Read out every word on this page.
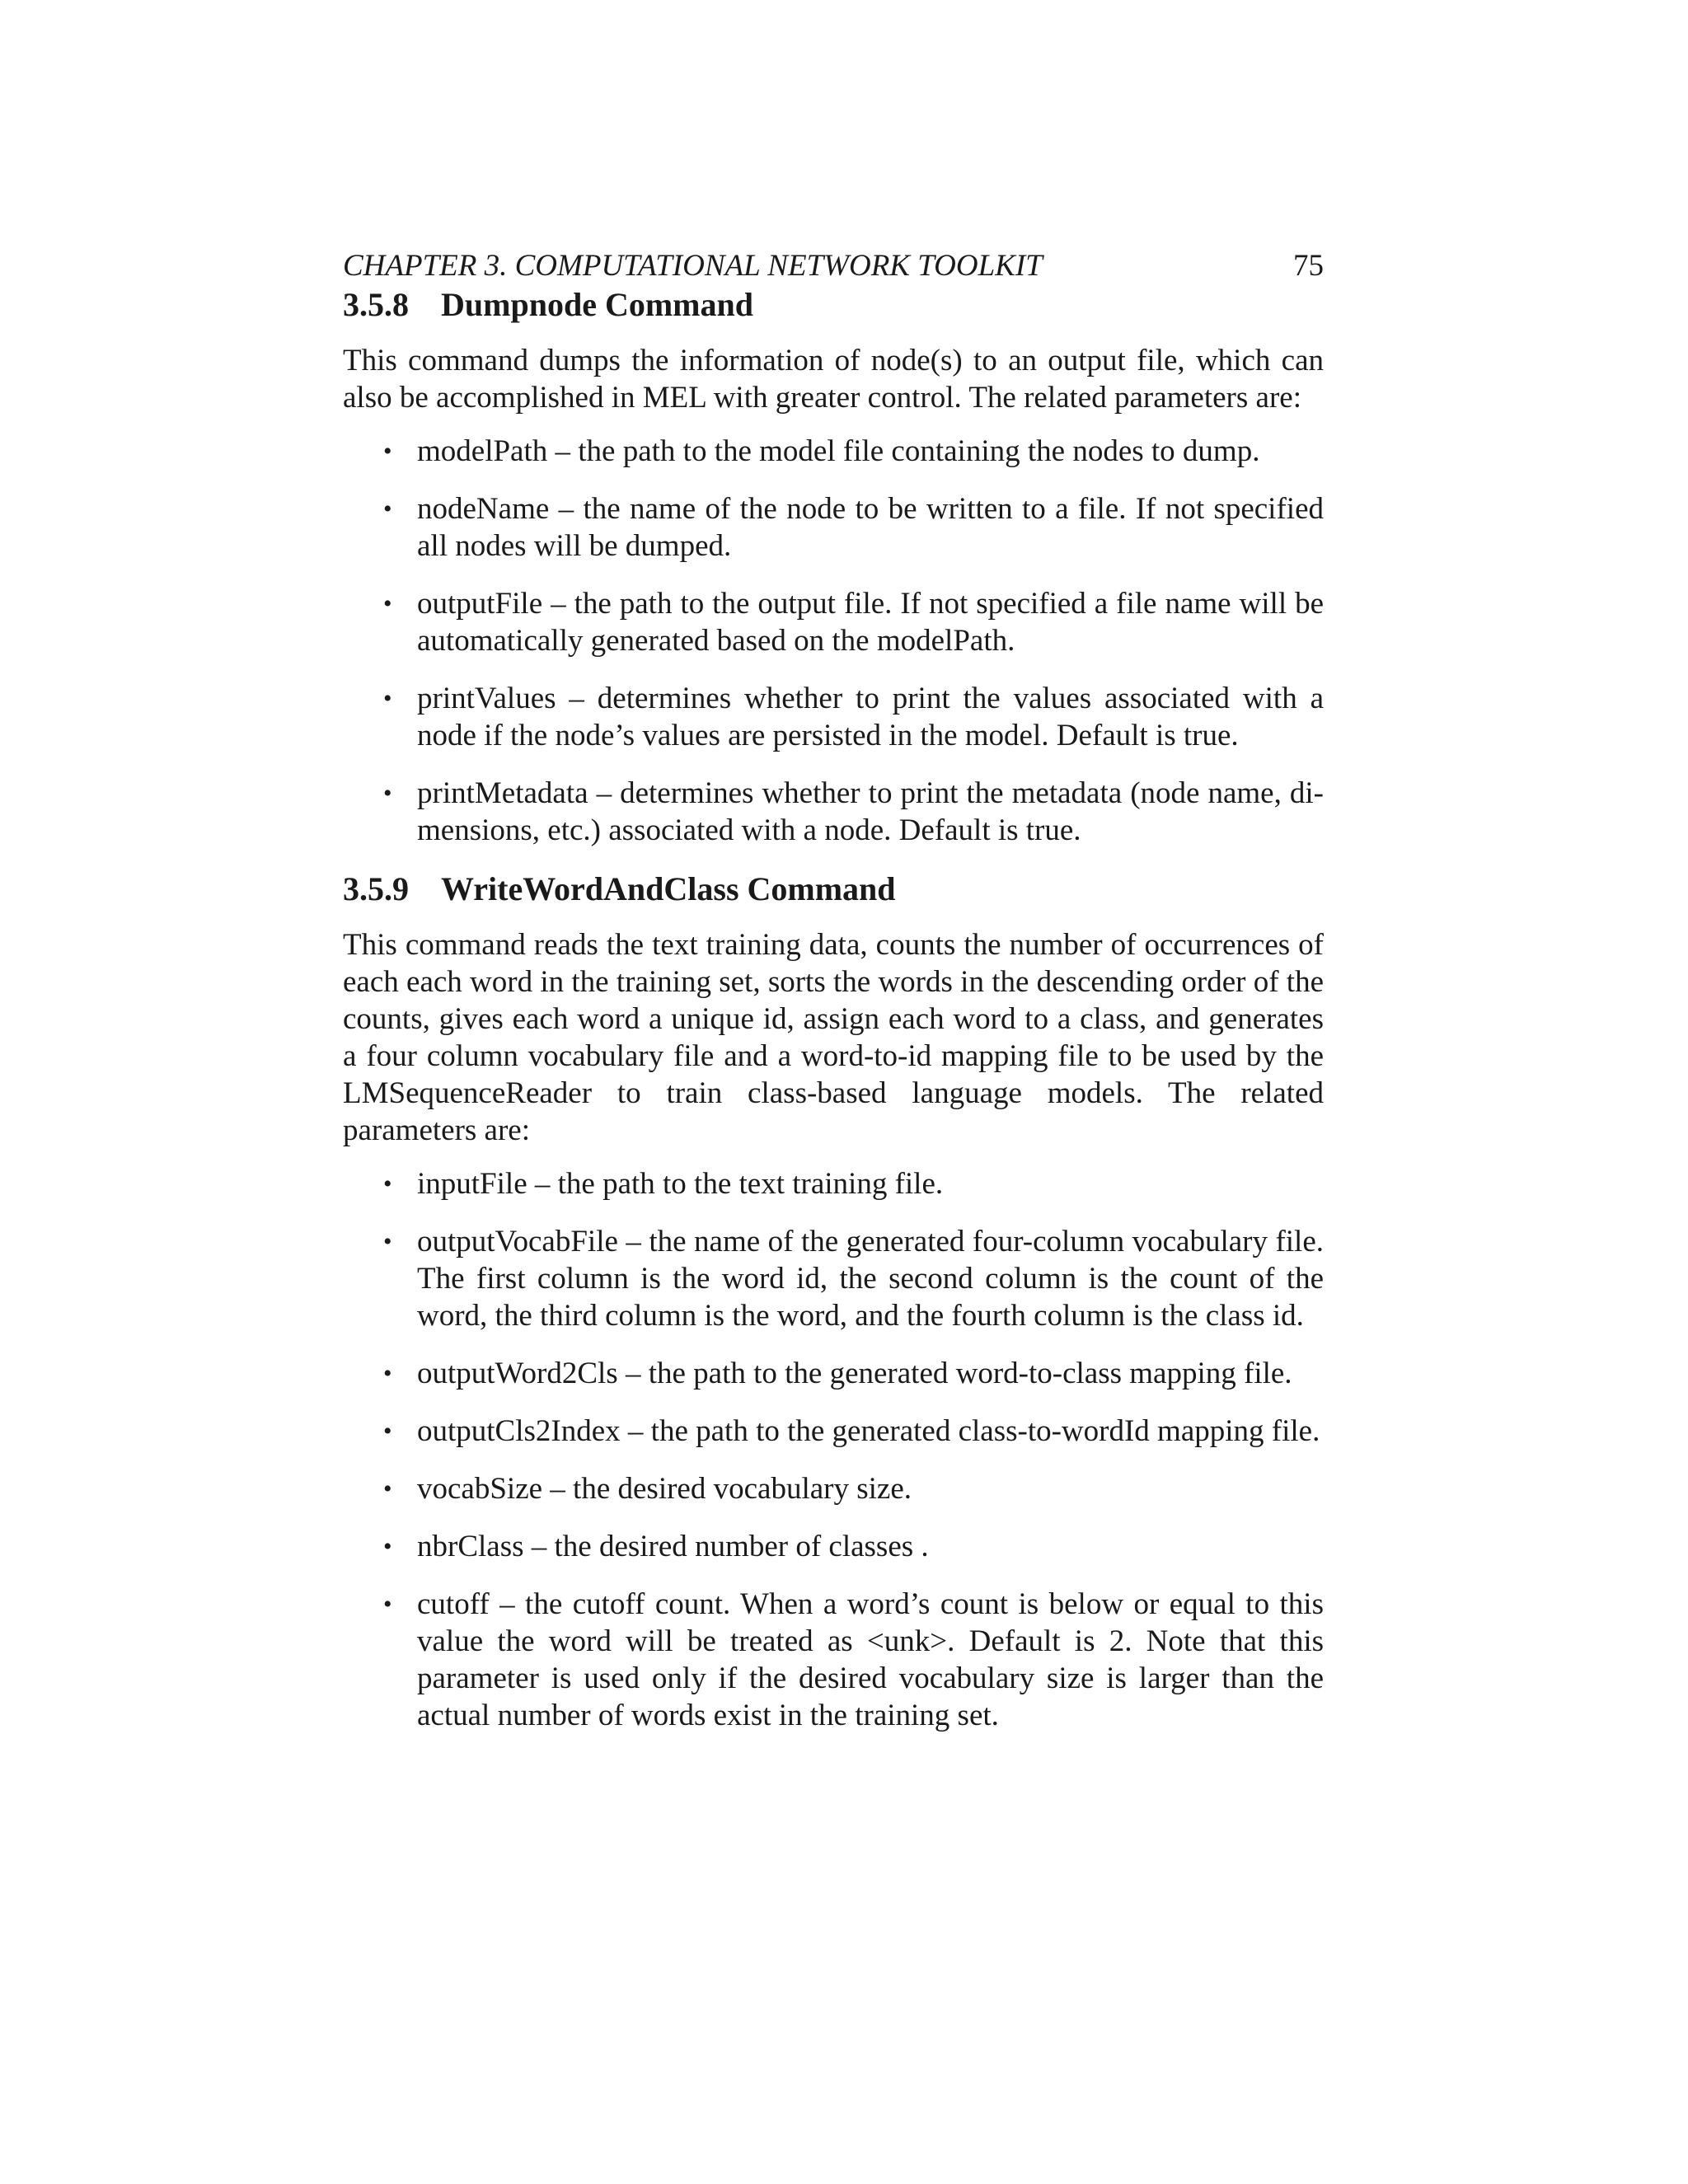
CHAPTER 3. COMPUTATIONAL NETWORK TOOLKIT	75
3.5.8 Dumpnode Command

This command dumps the information of node(s) to an output file, which can also be accomplished in MEL with greater control. The related parameters are:

• modelPath – the path to the model file containing the nodes to dump.
• nodeName – the name of the node to be written to a file. If not specified all nodes will be dumped.
• outputFile – the path to the output file. If not specified a file name will be automatically generated based on the modelPath.
• printValues – determines whether to print the values associated with a node if the node’s values are persisted in the model. Default is true.
• printMetadata – determines whether to print the metadata (node name, di-mensions, etc.) associated with a node. Default is true.
3.5.9 WriteWordAndClass Command

This command reads the text training data, counts the number of occurrences of each each word in the training set, sorts the words in the descending order of the counts, gives each word a unique id, assign each word to a class, and generates a four column vocabulary file and a word-to-id mapping file to be used by the LMSequenceReader to train class-based language models. The related parameters are:

• inputFile – the path to the text training file.
• outputVocabFile – the name of the generated four-column vocabulary file. The first column is the word id, the second column is the count of the word, the third column is the word, and the fourth column is the class id.
• outputWord2Cls – the path to the generated word-to-class mapping file.
• outputCls2Index – the path to the generated class-to-wordId mapping file.
• vocabSize – the desired vocabulary size.
• nbrClass – the desired number of classes .
• cutoff – the cutoff count. When a word’s count is below or equal to this value the word will be treated as <unk>. Default is 2. Note that this parameter is used only if the desired vocabulary size is larger than the actual number of words exist in the training set.
